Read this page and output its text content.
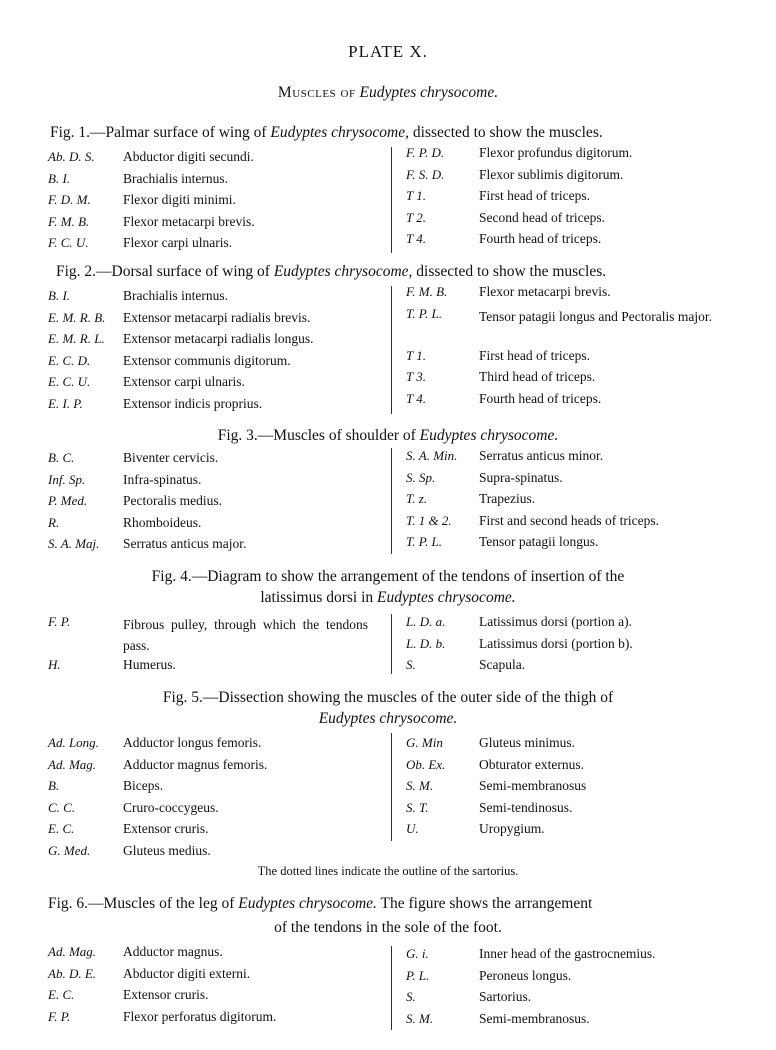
PLATE X.
Muscles of Eudyptes chrysocome.
Fig. 1.—Palmar surface of wing of Eudyptes chrysocome, dissected to show the muscles.
Ab. D. S. Abductor digiti secundi.
B. I.	Brachialis internus.
F. D. M. Flexor digiti minimi.
F. M. B. Flexor metacarpi brevis.
F. C. U.	Flexor carpi ulnaris.
F. P. D.	Flexor profundus digitorum.
F. S. D.	Flexor sublimis digitorum.
T 1.	First head of triceps.
T 2.	Second head of triceps.
T 4.	Fourth head of triceps.
Fig. 2.—Dorsal surface of wing of Eudyptes chrysocome, dissected to show the muscles.
B. I.	Brachialis internus.
E. M. R. B. Extensor metacarpi radialis brevis.
E. M. R. L. Extensor metacarpi radialis longus.
E. C. D. Extensor communis digitorum.
E. C. U. Extensor carpi ulnaris.
E. I. P.	Extensor indicis proprius.
F. M. B. Flexor metacarpi brevis.
T. P. L.	Tensor patagii longus and Pectoralis major.
T 1.	First head of triceps.
T 3.	Third head of triceps.
T 4.	Fourth head of triceps.
Fig. 3.—Muscles of shoulder of Eudyptes chrysocome.
B. C.	Biventer cervicis.
Inf. Sp.	Infra-spinatus.
P. Med.	Pectoralis medius.
R.	Rhomboideus.
S. A. Maj. Serratus anticus major.
S. A. Min. Serratus anticus minor.
S. Sp.	Supra-spinatus.
T. z.	Trapezius.
T. 1 & 2. First and second heads of triceps.
T. P. L.	Tensor patagii longus.
Fig. 4.—Diagram to show the arrangement of the tendons of insertion of the
latissimus dorsi in Eudyptes chrysocome.
F. P.	Fibrous pulley, through which the tendons pass.
H.	Humerus.
L. D. a. Latissimus dorsi (portion a).
L. D. b. Latissimus dorsi (portion b).
S.	Scapula.
Fig. 5.—Dissection showing the muscles of the outer side of the thigh of
Eudyptes chrysocome.
Ad. Long. Adductor longus femoris.
Ad. Mag. Adductor magnus femoris.
B.	Biceps.
C. C.	Cruro-coccygeus.
E. C.	Extensor cruris.
G. Med. Gluteus medius.
G. Min	Gluteus minimus.
Ob. Ex. Obturator externus.
S. M.	Semi-membranosus
S. T.	Semi-tendinosus.
U.	Uropygium.
The dotted lines indicate the outline of the sartorius.
Fig. 6.—Muscles of the leg of Eudyptes chrysocome. The figure shows the arrangement
of the tendons in the sole of the foot.
Ad. Mag. Adductor magnus.
Ab. D. E. Abductor digiti externi.
E. C.	Extensor cruris.
F. P.	Flexor perforatus digitorum.
G. i.	Inner head of the gastrocnemius.
P. L.	Peroneus longus.
S.	Sartorius.
S. M.	Semi-membranosus.
